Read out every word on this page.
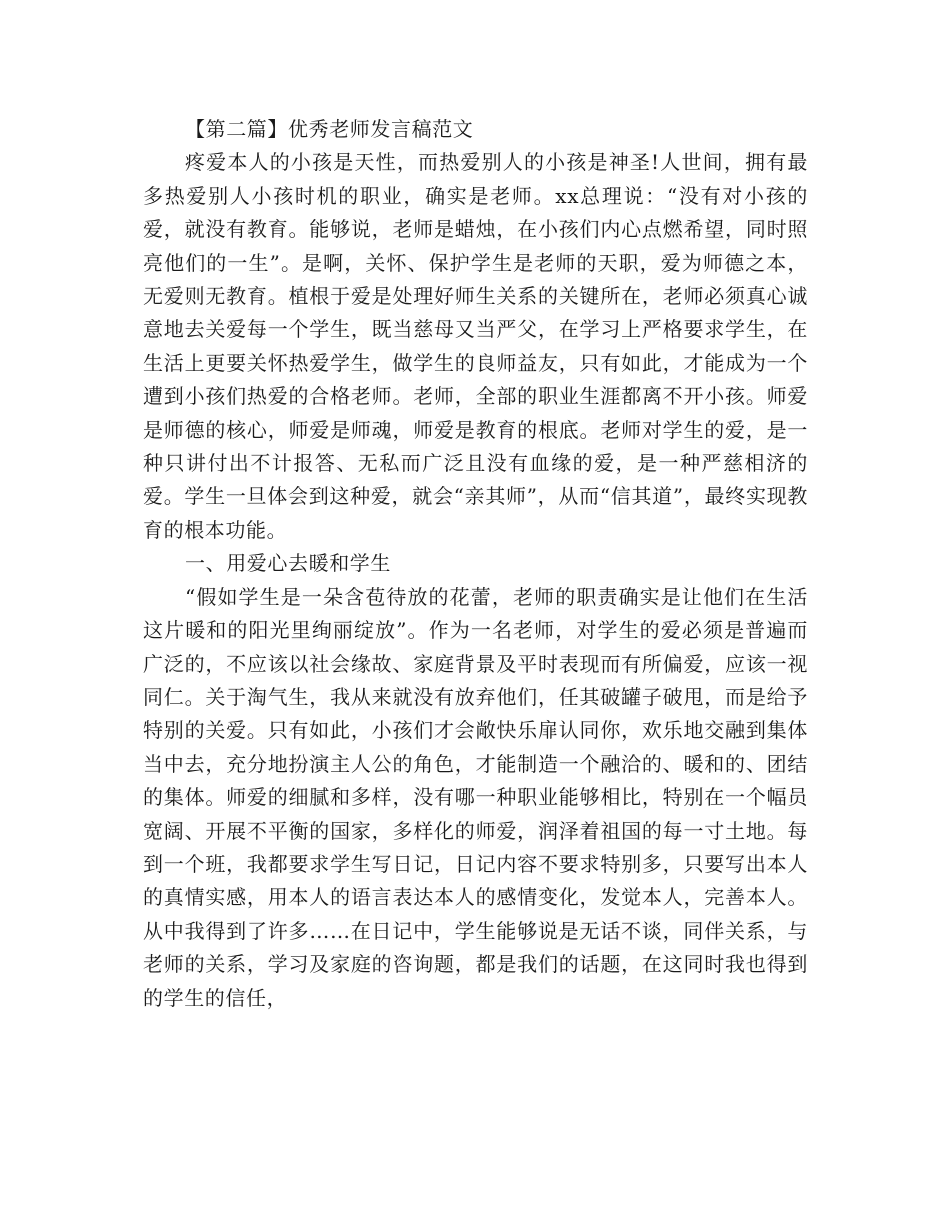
【第二篇】优秀老师发言稿范文

疼爱本人的小孩是天性，而热爱别人的小孩是神圣!人世间，拥有最多热爱别人小孩时机的职业，确实是老师。xx总理说：“没有对小孩的爱，就没有教育。能够说，老师是蜡烛，在小孩们内心点燃希望，同时照亮他们的一生”。是啊，关怀、保护学生是老师的天职，爱为师德之本，无爱则无教育。植根于爱是处理好师生关系的关键所在，老师必须真心诚意地去关爱每一个学生，既当慈母又当严父，在学习上严格要求学生，在生活上更要关怀热爱学生，做学生的良师益友，只有如此，才能成为一个遭到小孩们热爱的合格老师。老师，全部的职业生涯都离不开小孩。师爱是师德的核心，师爱是师魂，师爱是教育的根底。老师对学生的爱，是一种只讲付出不计报答、无私而广泛且没有血缘的爱，是一种严慈相济的爱。学生一旦体会到这种爱，就会“亲其师”，从而“信其道”，最终实现教育的根本功能。

一、用爱心去暖和学生

“假如学生是一朵含苞待放的花蕾，老师的职责确实是让他们在生活这片暖和的阳光里绚丽绽放”。作为一名老师，对学生的爱必须是普遍而广泛的，不应该以社会缘故、家庭背景及平时表现而有所偏爱，应该一视同仁。关于淘气生，我从来就没有放弃他们，任其破罐子破甩，而是给予特别的关爱。只有如此，小孩们才会敞快乐扉认同你，欢乐地交融到集体当中去，充分地扮演主人公的角色，才能制造一个融洽的、暖和的、团结的集体。师爱的细腻和多样，没有哪一种职业能够相比，特别在一个幅员宽阔、开展不平衡的国家，多样化的师爱，润泽着祖国的每一寸土地。每到一个班，我都要求学生写日记，日记内容不要求特别多，只要写出本人的真情实感，用本人的语言表达本人的感情变化，发觉本人，完善本人。从中我得到了许多……在日记中，学生能够说是无话不谈，同伴关系，与老师的关系，学习及家庭的咨询题，都是我们的话题，在这同时我也得到的学生的信任，
